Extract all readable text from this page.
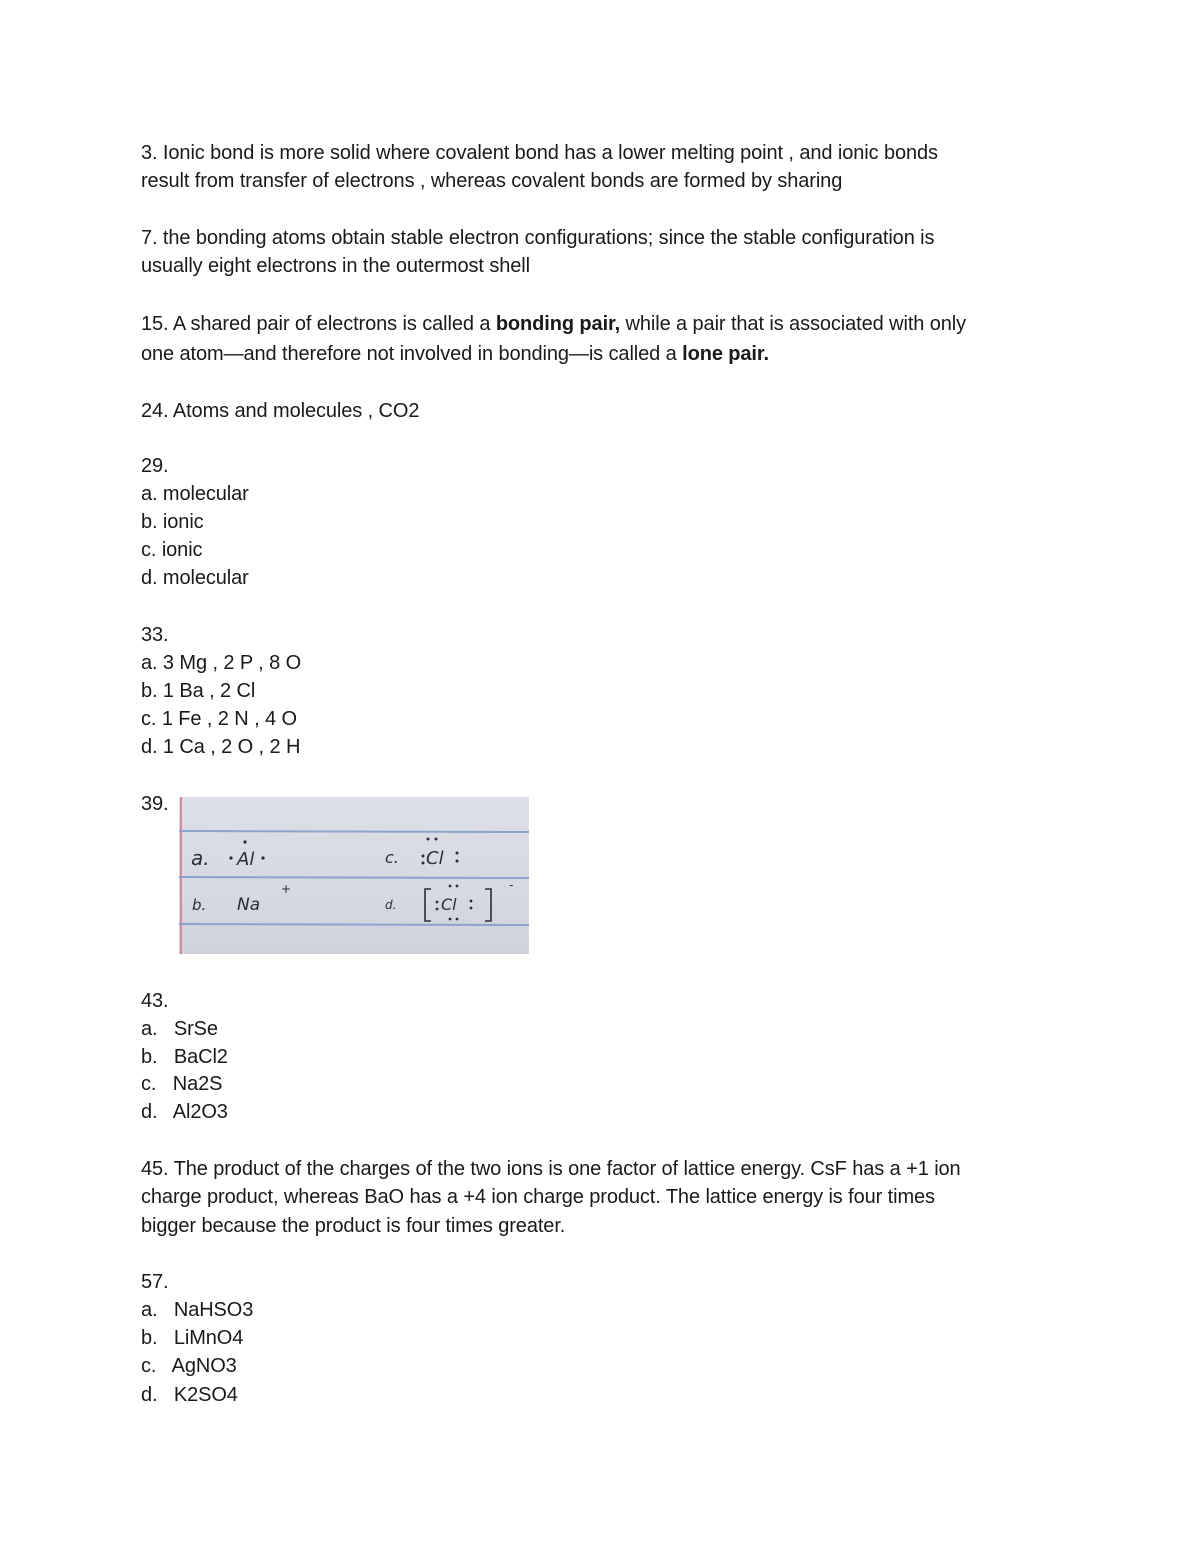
3. Ionic bond is more solid where covalent bond has a lower melting point , and ionic bonds

result from transfer of electrons , whereas covalent bonds are formed by sharing

7. the bonding atoms obtain stable electron configurations; since the stable configuration is

usually eight electrons in the outermost shell

15. A shared pair of electrons is called a bonding pair, while a pair that is associated with only

one atom—and therefore not involved in bonding—is called a lone pair.

24. Atoms and molecules , CO2

29.

a. molecular

b. ionic

c. ionic

d. molecular

33.

a. 3 Mg , 2 P , 8 O

b. 1 Ba , 2 Cl

c. 1 Fe , 2 N , 4 O

d. 1 Ca , 2 O , 2 H

39.

a. Al	c. Cl
b. Na
+
d.	Cl
-

43.

a.   SrSe

b.   BaCl2

c.   Na2S

d.   Al2O3

45. The product of the charges of the two ions is one factor of lattice energy. CsF has a +1 ion

charge product, whereas BaO has a +4 ion charge product. The lattice energy is four times

bigger because the product is four times greater.

57.

a.   NaHSO3

b.   LiMnO4

c.   AgNO3

d.   K2SO4
